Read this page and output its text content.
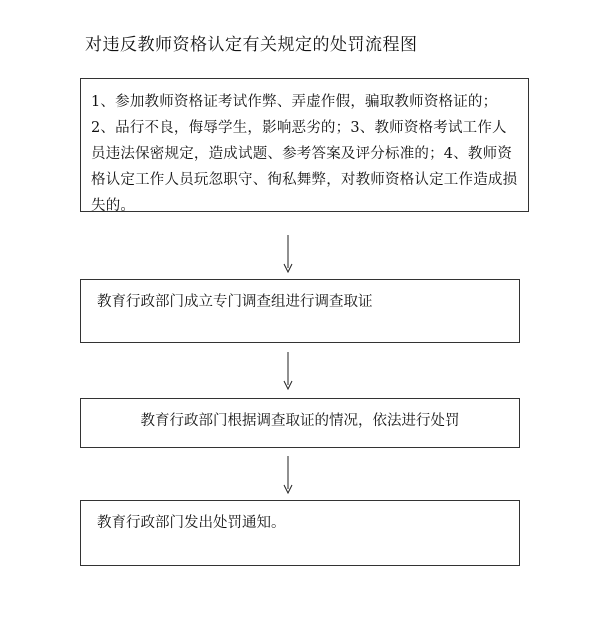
对违反教师资格认定有关规定的处罚流程图
1、参加教师资格证考试作弊、弄虚作假，骗取教师资格证的；2、品行不良，侮辱学生，影响恶劣的；3、教师资格考试工作人员违法保密规定，造成试题、参考答案及评分标准的；4、教师资格认定工作人员玩忽职守、徇私舞弊，对教师资格认定工作造成损失的。
教育行政部门成立专门调查组进行调查取证
教育行政部门根据调查取证的情况，依法进行处罚
教育行政部门发出处罚通知。
